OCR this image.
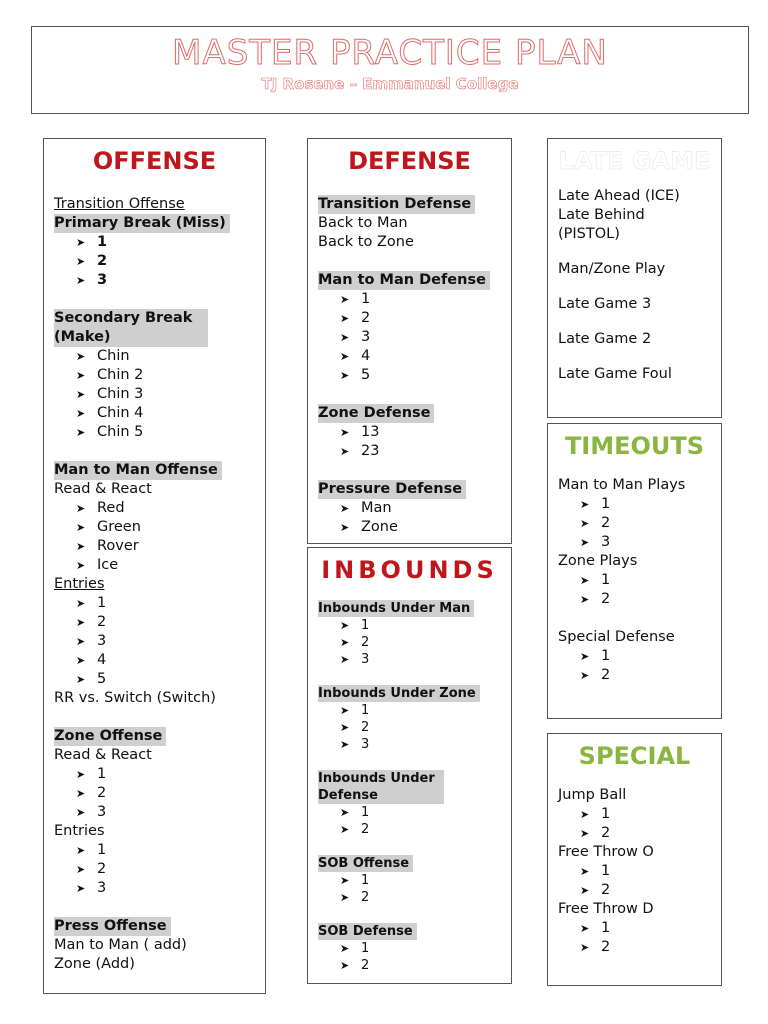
MASTER PRACTICE PLAN
TJ Rosene – Emmanuel College
OFFENSE
Transition Offense
Primary Break (Miss)
➤ 1
➤ 2
➤ 3
Secondary Break (Make)
➤ Chin
➤ Chin 2
➤ Chin 3
➤ Chin 4
➤ Chin 5
Man to Man Offense
Read & React
➤ Red
➤ Green
➤ Rover
➤ Ice
Entries
➤ 1
➤ 2
➤ 3
➤ 4
➤ 5
RR vs. Switch (Switch)
Zone Offense
Read & React
➤ 1
➤ 2
➤ 3
Entries
➤ 1
➤ 2
➤ 3
Press Offense
Man to Man ( add)
Zone (Add)
DEFENSE
Transition Defense
Back to Man
Back to Zone
Man to Man Defense
➤ 1
➤ 2
➤ 3
➤ 4
➤ 5
Zone Defense
➤ 13
➤ 23
Pressure Defense
➤ Man
➤ Zone
INBOUNDS
Inbounds Under Man
➤ 1
➤ 2
➤ 3
Inbounds Under Zone
➤ 1
➤ 2
➤ 3
Inbounds Under Defense
➤ 1
➤ 2
SOB Offense
➤ 1
➤ 2
SOB Defense
➤ 1
➤ 2
LATE GAME
Late Ahead (ICE)
Late Behind (PISTOL)
Man/Zone Play
Late Game 3
Late Game 2
Late Game Foul
TIMEOUTS
Man to Man Plays
➤ 1
➤ 2
➤ 3
Zone Plays
➤ 1
➤ 2
Special Defense
➤ 1
➤ 2
SPECIAL
Jump Ball
➤ 1
➤ 2
Free Throw O
➤ 1
➤ 2
Free Throw D
➤ 1
➤ 2
